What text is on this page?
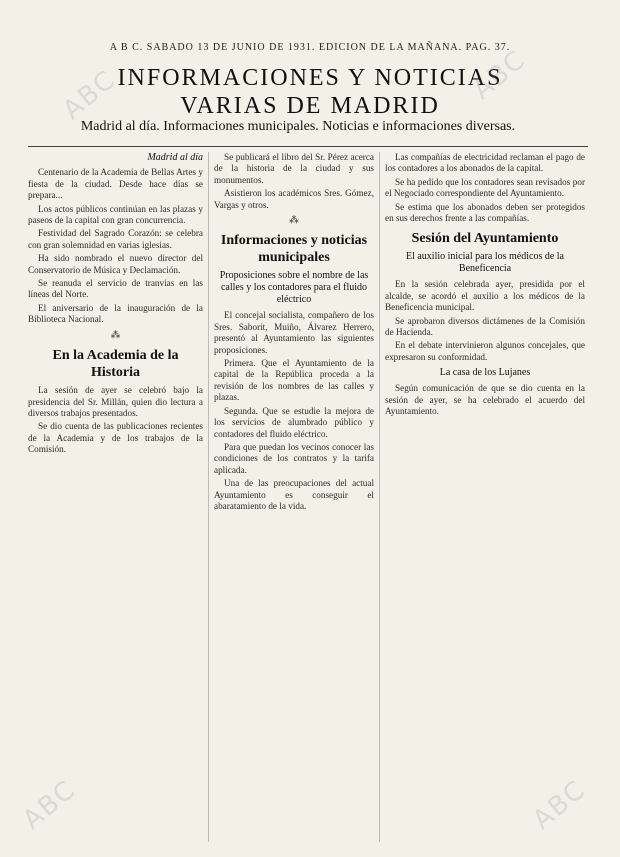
A B C. SABADO 13 DE JUNIO DE 1931. EDICION DE LA MAÑANA. PAG. 37.
INFORMACIONES Y NOTICIAS
VARIAS DE MADRID
Madrid al día. Informaciones municipales. Noticias e informaciones diversas.
Madrid al día

Centenario de la Academia de Bellas Artes y fiesta de la ciudad. Desde hace días se prepara...

Los actos públicos continúan en las plazas y paseos de la capital con gran concurrencia.

Festividad del Sagrado Corazón: se celebra con gran solemnidad en varias iglesias.

Ha sido nombrado el nuevo director del Conservatorio de Música y Declamación.

Se reanuda el servicio de tranvías en las líneas del Norte.

El aniversario de la inauguración de la Biblioteca Nacional.

⁂
En la Academia de la Historia

La sesión de ayer se celebró bajo la presidencia del Sr. Millán, quien dio lectura a diversos trabajos presentados.

Se dio cuenta de las publicaciones recientes de la Academia y de los trabajos de la Comisión.

Se publicará el libro del Sr. Pérez acerca de la historia de la ciudad y sus monumentos.

Asistieron los académicos Sres. Gómez, Vargas y otros.

⁂
Informaciones y noticias municipales
Proposiciones sobre el nombre de las calles y los contadores para el fluido eléctrico

El concejal socialista, compañero de los Sres. Saborit, Muiño, Álvarez Herrero, presentó al Ayuntamiento las siguientes proposiciones.

Primera. Que el Ayuntamiento de la capital de la República proceda a la revisión de los nombres de las calles y plazas.

Segunda. Que se estudie la mejora de los servicios de alumbrado público y contadores del fluido eléctrico.

Para que puedan los vecinos conocer las condiciones de los contratos y la tarifa aplicada.

Una de las preocupaciones del actual Ayuntamiento es conseguir el abaratamiento de la vida.

Las compañías de electricidad reclaman el pago de los contadores a los abonados de la capital.

Se ha pedido que los contadores sean revisados por el Negociado correspondiente del Ayuntamiento.

Se estima que los abonados deben ser protegidos en sus derechos frente a las compañías.

Sesión del Ayuntamiento
El auxilio inicial para los médicos de la Beneficencia

En la sesión celebrada ayer, presidida por el alcalde, se acordó el auxilio a los médicos de la Beneficencia municipal.

Se aprobaron diversos dictámenes de la Comisión de Hacienda.

En el debate intervinieron algunos concejales, que expresaron su conformidad.

La casa de los Lujanes

Según comunicación de que se dio cuenta en la sesión de ayer, se ha celebrado el acuerdo del Ayuntamiento.

ABC	ABC
ABC	ABC
